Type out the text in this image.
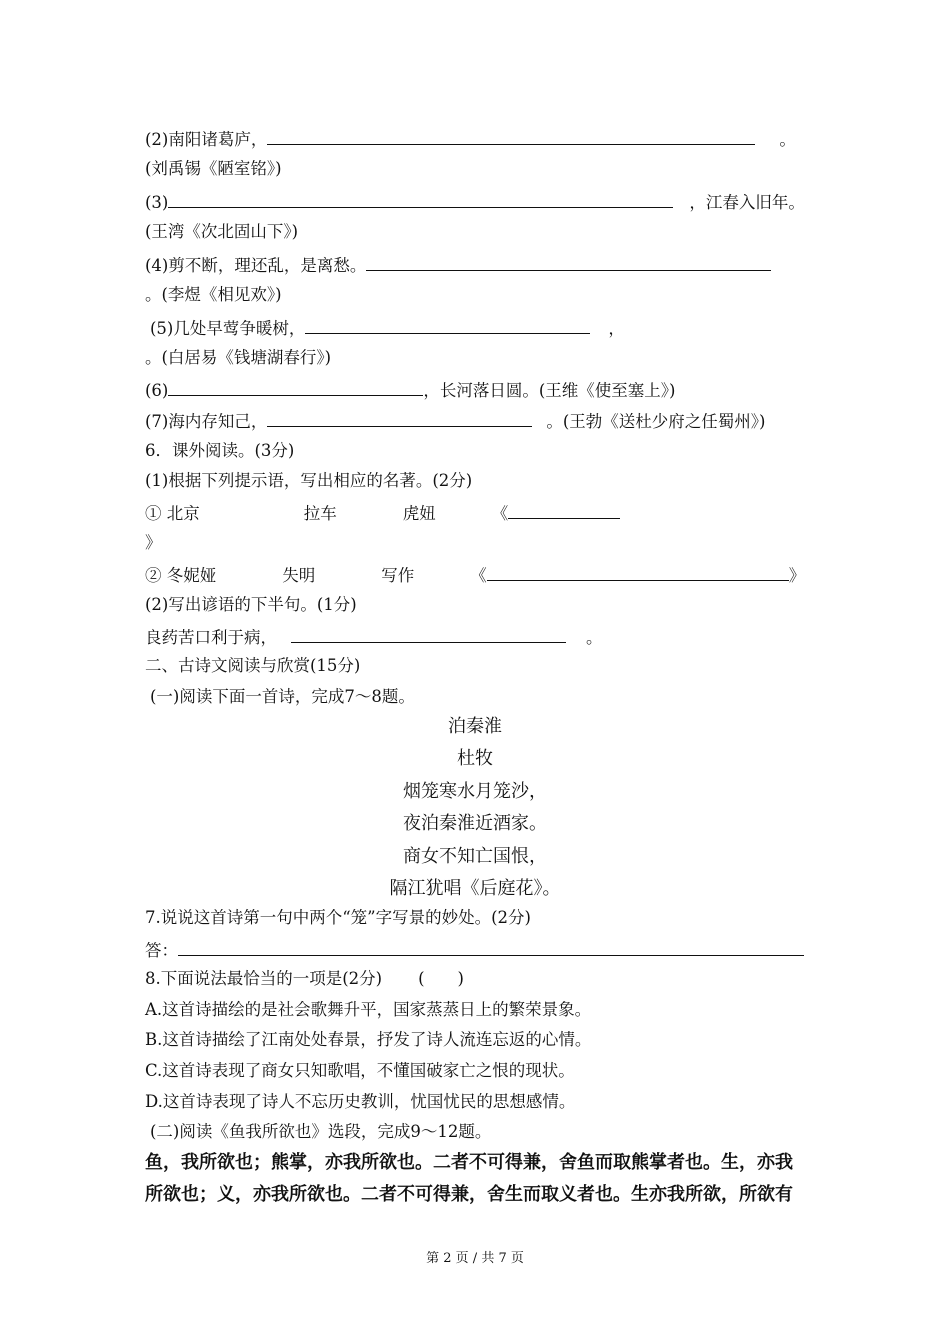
(2)南阳诸葛庐，	。
(刘禹锡《陋室铭》)
(3)	，江春入旧年。
(王湾《次北固山下》)
(4)剪不断，理还乱，是离愁。
。(李煜《相见欢》)
(5)几处早莺争暖树，	，
。(白居易《钱塘湖春行》)
(6)	，长河落日圆。(王维《使至塞上》)
(7)海内存知己，	。(王勃《送杜少府之任蜀州》)
6．课外阅读。(3分)
(1)根据下列提示语，写出相应的名著。(2分)
① 北京	拉车	虎妞	《
》
② 冬妮娅	失明	写作	《	》
(2)写出谚语的下半句。(1分)
良药苦口利于病，	。
二、古诗文阅读与欣赏(15分)
(一)阅读下面一首诗，完成7～8题。
泊秦淮
杜牧
烟笼寒水月笼沙，
夜泊秦淮近酒家。
商女不知亡国恨，
隔江犹唱《后庭花》。
7.说说这首诗第一句中两个“笼”字写景的妙处。(2分)
答：
8.下面说法最恰当的一项是(2分) (　　)
A.这首诗描绘的是社会歌舞升平，国家蒸蒸日上的繁荣景象。
B.这首诗描绘了江南处处春景，抒发了诗人流连忘返的心情。
C.这首诗表现了商女只知歌唱，不懂国破家亡之恨的现状。
D.这首诗表现了诗人不忘历史教训，忧国忧民的思想感情。
(二)阅读《鱼我所欲也》选段，完成9～12题。
鱼，我所欲也；熊掌，亦我所欲也。二者不可得兼，舍鱼而取熊掌者也。生，亦我
所欲也；义，亦我所欲也。二者不可得兼，舍生而取义者也。生亦我所欲，所欲有
第 2 页 / 共 7 页
